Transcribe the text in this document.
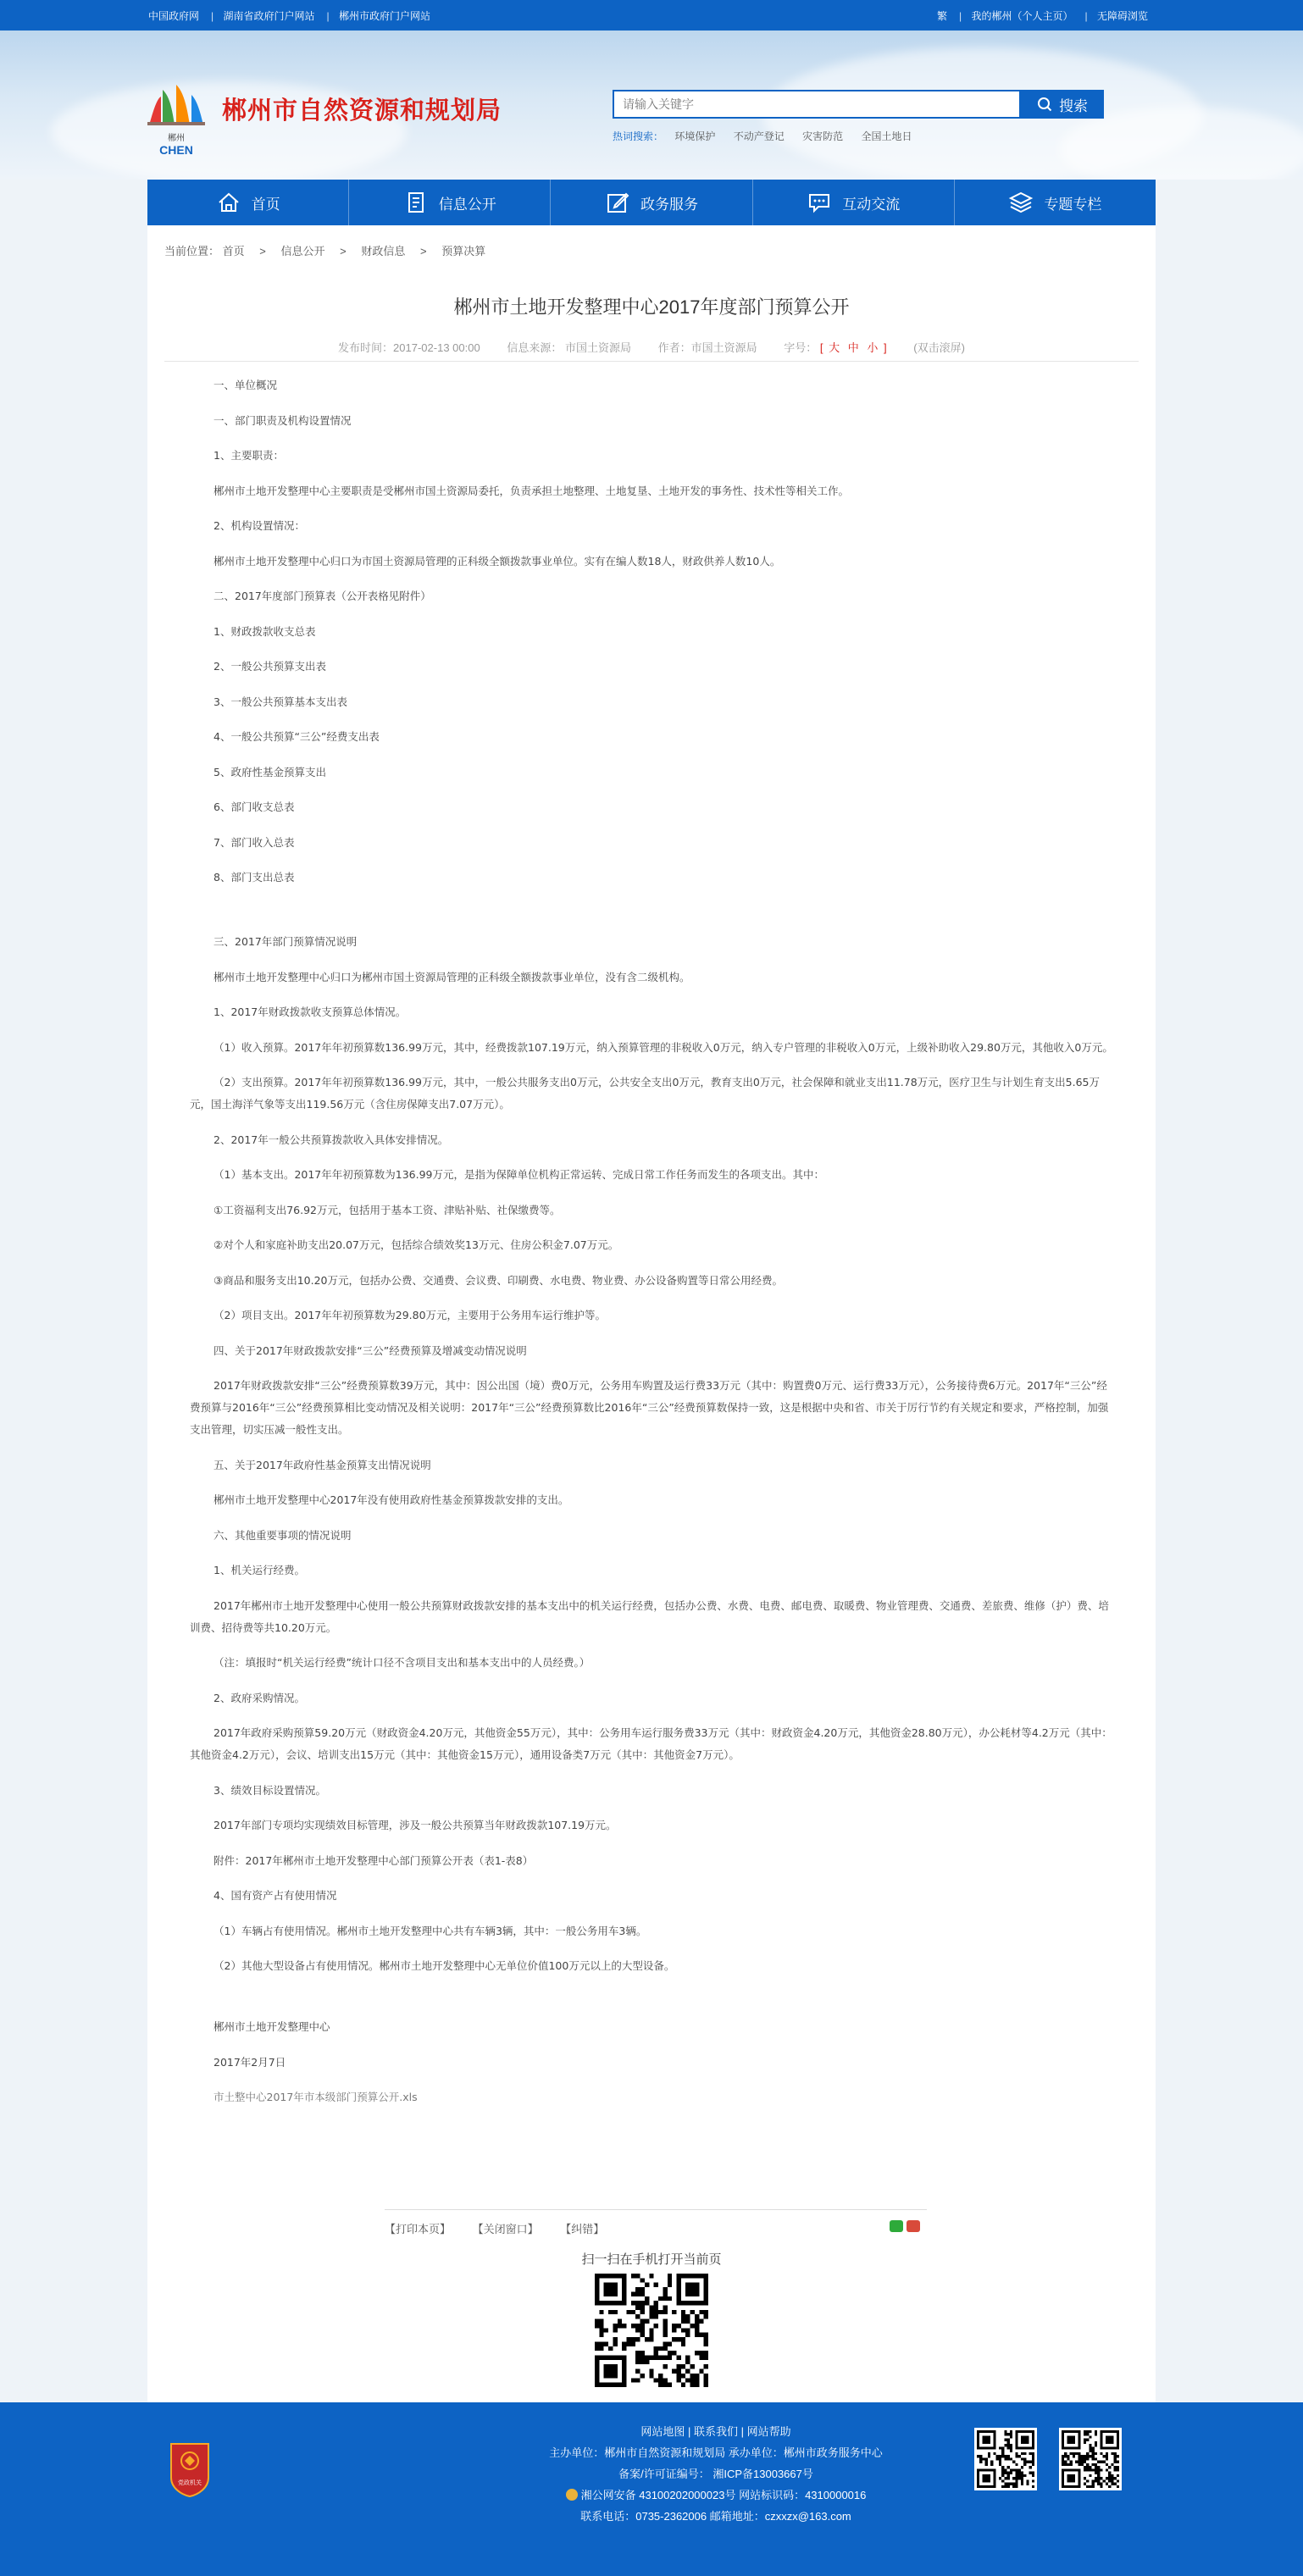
中国政府网 | 湖南省政府门户网站 | 郴州市政府门户网站	繁 | 我的郴州（个人主页） | 无障碍浏览
郴州
CHEN
郴州市自然资源和规划局
请输入关键字	搜索
热词搜索： 环境保护 不动产登记 灾害防范 全国土地日
首页	信息公开	政务服务	互动交流	专题专栏
当前位置： 首页 > 信息公开 > 财政信息 > 预算决算
郴州市土地开发整理中心2017年度部门预算公开
发布时间：2017-02-13 00:00 信息来源： 市国土资源局 作者：市国土资源局 字号： [ 大 中 小 ] (双击滚屏)

一、单位概况

一、部门职责及机构设置情况

1、主要职责：

郴州市土地开发整理中心主要职责是受郴州市国土资源局委托，负责承担土地整理、土地复垦、土地开发的事务性、技术性等相关工作。

2、机构设置情况：

郴州市土地开发整理中心归口为市国土资源局管理的正科级全额拨款事业单位。实有在编人数18人，财政供养人数10人。

二、2017年度部门预算表（公开表格见附件）

1、财政拨款收支总表

2、一般公共预算支出表

3、一般公共预算基本支出表

4、一般公共预算“三公”经费支出表

5、政府性基金预算支出

6、部门收支总表

7、部门收入总表

8、部门支出总表

三、2017年部门预算情况说明

郴州市土地开发整理中心归口为郴州市国土资源局管理的正科级全额拨款事业单位，没有含二级机构。

1、2017年财政拨款收支预算总体情况。

（1）收入预算。2017年年初预算数136.99万元，其中，经费拨款107.19万元，纳入预算管理的非税收入0万元，纳入专户管理的非税收入0万元，上级补助收入29.80万元，其他收入0万元。

（2）支出预算。2017年年初预算数136.99万元，其中，一般公共服务支出0万元，公共安全支出0万元，教育支出0万元，社会保障和就业支出11.78万元，医疗卫生与计划生育支出5.65万元，国土海洋气象等支出119.56万元（含住房保障支出7.07万元）。

2、2017年一般公共预算拨款收入具体安排情况。

（1）基本支出。2017年年初预算数为136.99万元，是指为保障单位机构正常运转、完成日常工作任务而发生的各项支出。其中：

①工资福利支出76.92万元，包括用于基本工资、津贴补贴、社保缴费等。

②对个人和家庭补助支出20.07万元，包括综合绩效奖13万元、住房公积金7.07万元。

③商品和服务支出10.20万元，包括办公费、交通费、会议费、印刷费、水电费、物业费、办公设备购置等日常公用经费。

（2）项目支出。2017年年初预算数为29.80万元，主要用于公务用车运行维护等。

四、关于2017年财政拨款安排“三公”经费预算及增减变动情况说明

2017年财政拨款安排“三公”经费预算数39万元，其中：因公出国（境）费0万元，公务用车购置及运行费33万元（其中：购置费0万元、运行费33万元），公务接待费6万元。2017年“三公”经费预算与2016年“三公”经费预算相比变动情况及相关说明：2017年“三公”经费预算数比2016年“三公”经费预算数保持一致，这是根据中央和省、市关于厉行节约有关规定和要求，严格控制，加强支出管理，切实压减一般性支出。

五、关于2017年政府性基金预算支出情况说明

郴州市土地开发整理中心2017年没有使用政府性基金预算拨款安排的支出。

六、其他重要事项的情况说明

1、机关运行经费。

2017年郴州市土地开发整理中心使用一般公共预算财政拨款安排的基本支出中的机关运行经费，包括办公费、水费、电费、邮电费、取暖费、物业管理费、交通费、差旅费、维修（护）费、培训费、招待费等共10.20万元。

（注：填报时“机关运行经费”统计口径不含项目支出和基本支出中的人员经费。）

2、政府采购情况。

2017年政府采购预算59.20万元（财政资金4.20万元，其他资金55万元），其中：公务用车运行服务费33万元（其中：财政资金4.20万元，其他资金28.80万元），办公耗材等4.2万元（其中：其他资金4.2万元），会议、培训支出15万元（其中：其他资金15万元），通用设备类7万元（其中：其他资金7万元）。

3、绩效目标设置情况。

2017年部门专项均实现绩效目标管理，涉及一般公共预算当年财政拨款107.19万元。

附件：2017年郴州市土地开发整理中心部门预算公开表（表1-表8）

4、国有资产占有使用情况

（1）车辆占有使用情况。郴州市土地开发整理中心共有车辆3辆，其中：一般公务用车3辆。

（2）其他大型设备占有使用情况。郴州市土地开发整理中心无单位价值100万元以上的大型设备。

郴州市土地开发整理中心

2017年2月7日

市土整中心2017年市本级部门预算公开.xls

【打印本页】 【关闭窗口】 【纠错】
扫一扫在手机打开当前页
党政机关
网站地图 | 联系我们 | 网站帮助
主办单位：郴州市自然资源和规划局 承办单位：郴州市政务服务中心
备案/许可证编号： 湘ICP备13003667号
湘公网安备 43100202000023号 网站标识码：4310000016
联系电话：0735-2362006 邮箱地址：czxxzx@163.com
